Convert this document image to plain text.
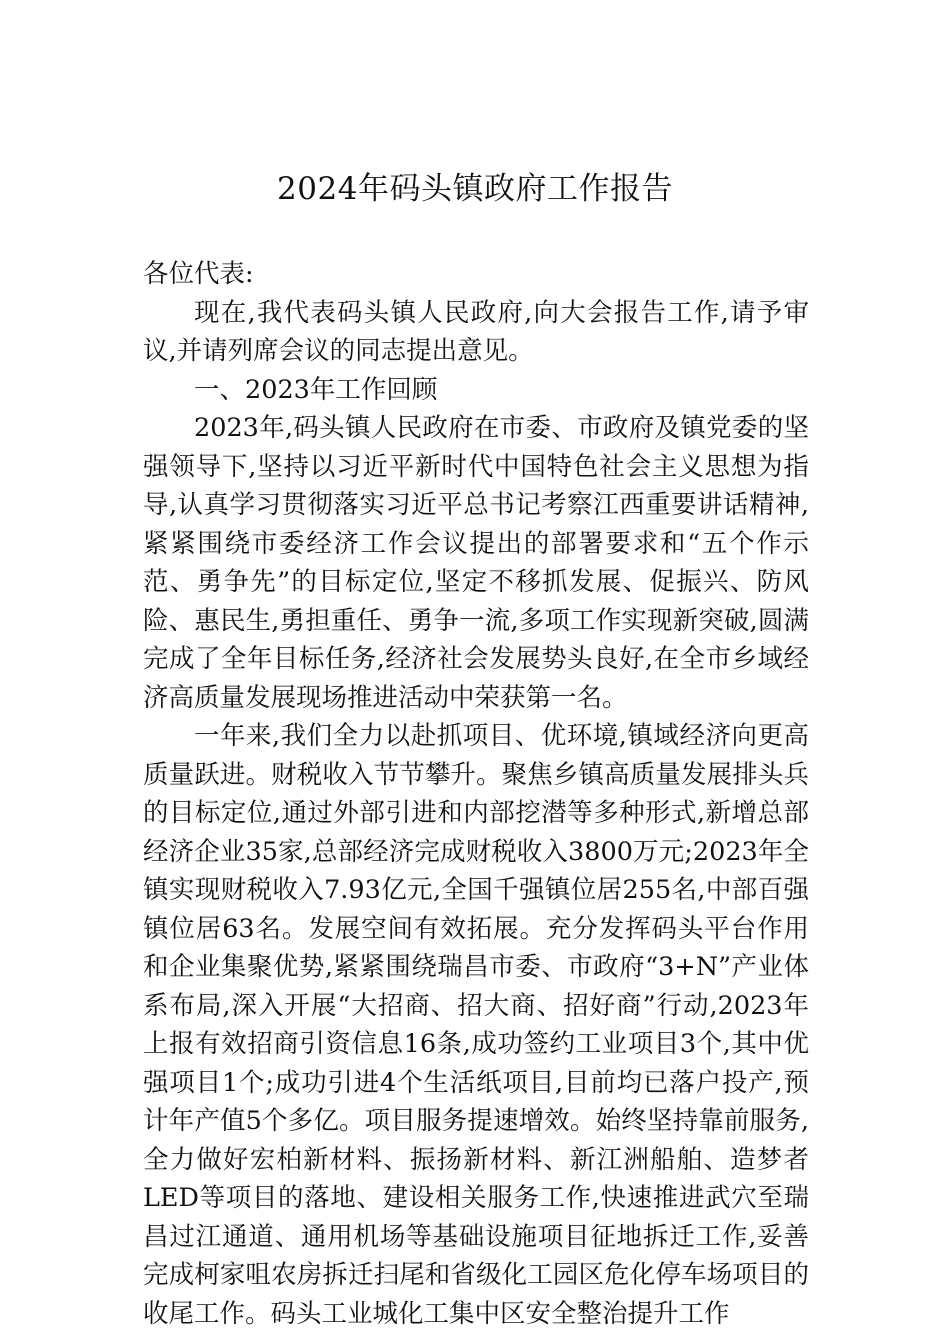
2024年码头镇政府工作报告

各位代表:

现在,我代表码头镇人民政府,向大会报告工作,请予审议,并请列席会议的同志提出意见。

一、2023年工作回顾

2023年,码头镇人民政府在市委、市政府及镇党委的坚强领导下,坚持以习近平新时代中国特色社会主义思想为指导,认真学习贯彻落实习近平总书记考察江西重要讲话精神,紧紧围绕市委经济工作会议提出的部署要求和“五个作示范、勇争先”的目标定位,坚定不移抓发展、促振兴、防风险、惠民生,勇担重任、勇争一流,多项工作实现新突破,圆满完成了全年目标任务,经济社会发展势头良好,在全市乡域经济高质量发展现场推进活动中荣获第一名。

一年来,我们全力以赴抓项目、优环境,镇域经济向更高质量跃进。财税收入节节攀升。聚焦乡镇高质量发展排头兵的目标定位,通过外部引进和内部挖潜等多种形式,新增总部经济企业35家,总部经济完成财税收入3800万元;2023年全镇实现财税收入7.93亿元,全国千强镇位居255名,中部百强镇位居63名。发展空间有效拓展。充分发挥码头平台作用和企业集聚优势,紧紧围绕瑞昌市委、市政府“3+N”产业体系布局,深入开展“大招商、招大商、招好商”行动,2023年上报有效招商引资信息16条,成功签约工业项目3个,其中优强项目1个;成功引进4个生活纸项目,目前均已落户投产,预计年产值5个多亿。项目服务提速增效。始终坚持靠前服务,全力做好宏柏新材料、振扬新材料、新江洲船舶、造梦者LED等项目的落地、建设相关服务工作,快速推进武穴至瑞昌过江通道、通用机场等基础设施项目征地拆迁工作,妥善完成柯家咀农房拆迁扫尾和省级化工园区危化停车场项目的收尾工作。码头工业城化工集中区安全整治提升工作
